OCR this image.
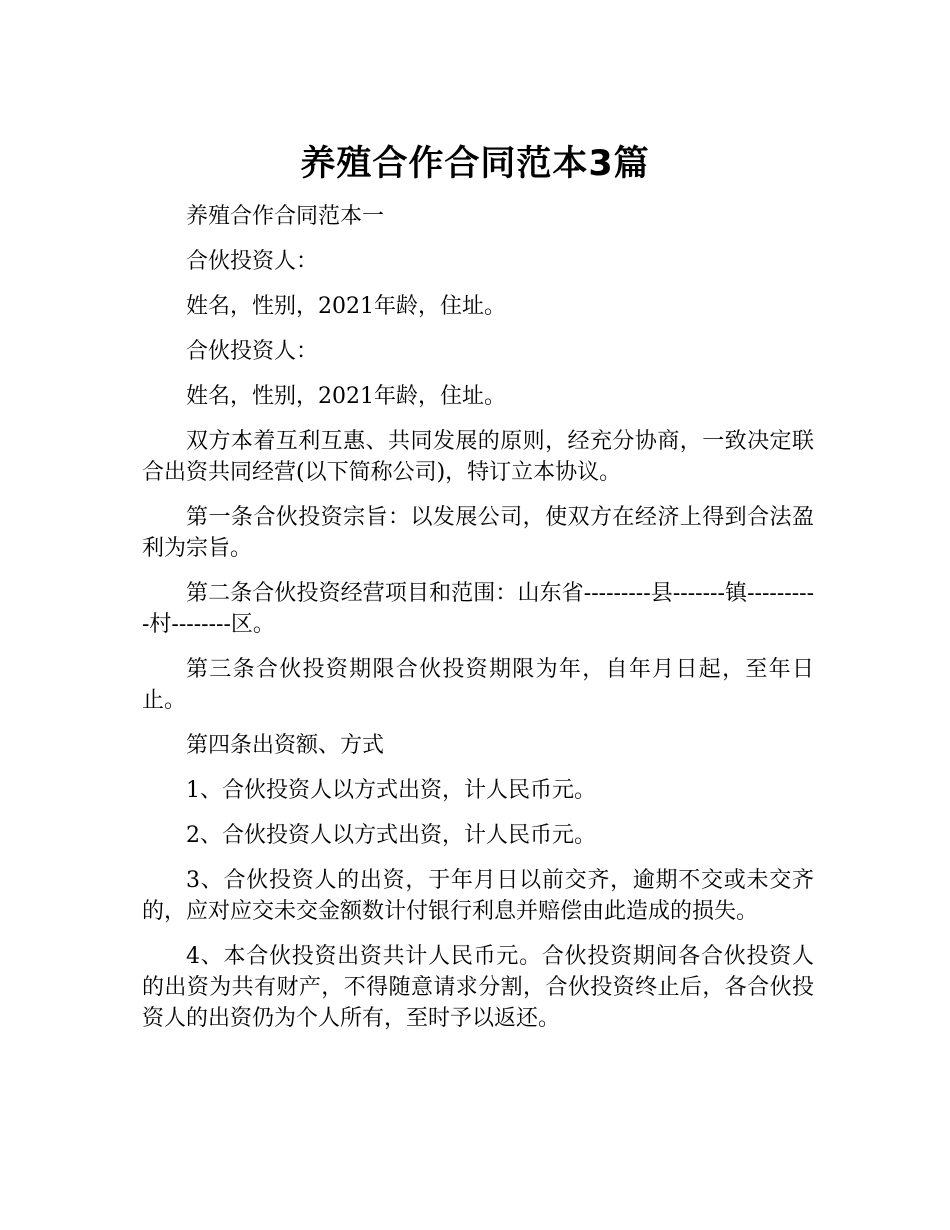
养殖合作合同范本3篇

养殖合作合同范本一

合伙投资人：

姓名，性别，2021年龄，住址。

合伙投资人：

姓名，性别，2021年龄，住址。

双方本着互利互惠、共同发展的原则，经充分协商，一致决定联合出资共同经营(以下简称公司)，特订立本协议。

第一条合伙投资宗旨：以发展公司，使双方在经济上得到合法盈利为宗旨。

第二条合伙投资经营项目和范围：山东省---------县-------镇----------村--------区。

第三条合伙投资期限合伙投资期限为年，自年月日起，至年日止。

第四条出资额、方式

1、合伙投资人以方式出资，计人民币元。

2、合伙投资人以方式出资，计人民币元。

3、合伙投资人的出资，于年月日以前交齐，逾期不交或未交齐的，应对应交未交金额数计付银行利息并赔偿由此造成的损失。

4、本合伙投资出资共计人民币元。合伙投资期间各合伙投资人的出资为共有财产，不得随意请求分割，合伙投资终止后，各合伙投资人的出资仍为个人所有，至时予以返还。
